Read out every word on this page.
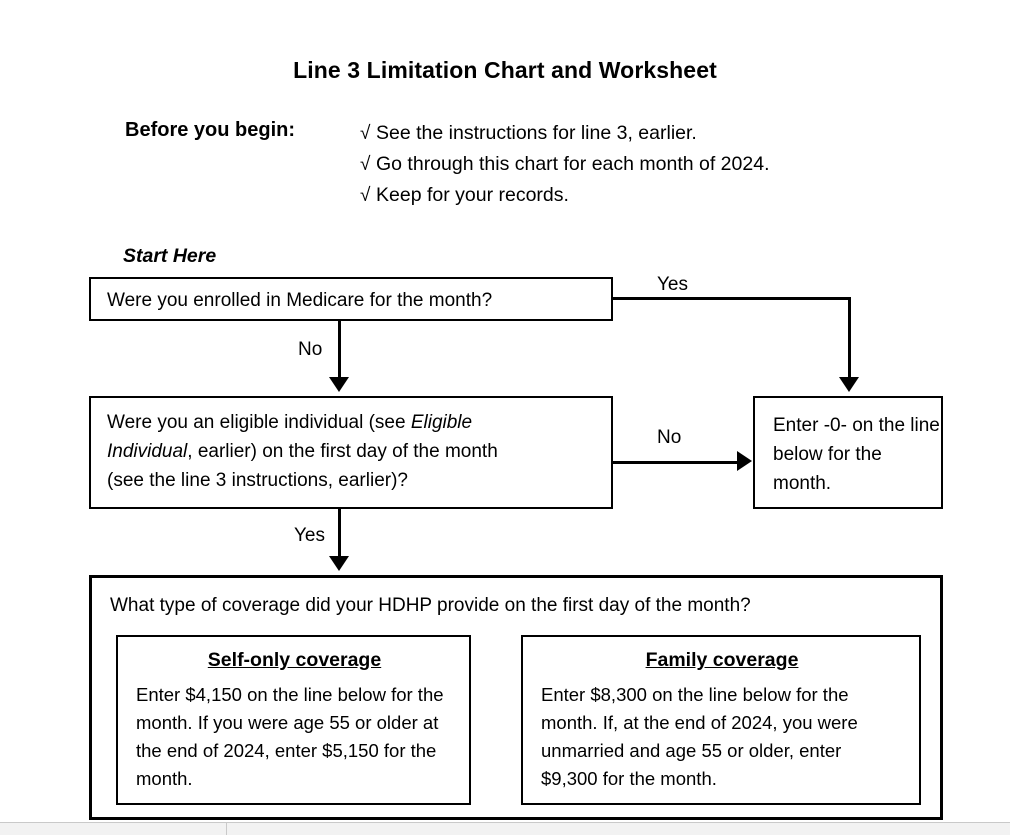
Line 3 Limitation Chart and Worksheet
Before you begin:	√ See the instructions for line 3, earlier.
√ Go through this chart for each month of 2024.
√ Keep for your records.
Start Here
Were you enrolled in Medicare for the month?
Yes
No
Were you an eligible individual (see Eligible
Individual, earlier) on the first day of the month
(see the line 3 instructions, earlier)?
No
Enter -0- on the line below for the month.
Yes
What type of coverage did your HDHP provide on the first day of the month?
Self-only coverage
Enter $4,150 on the line below for the month. If you were age 55 or older at the end of 2024, enter $5,150 for the month.
Family coverage
Enter $8,300 on the line below for the month. If, at the end of 2024, you were unmarried and age 55 or older, enter $9,300 for the month.
